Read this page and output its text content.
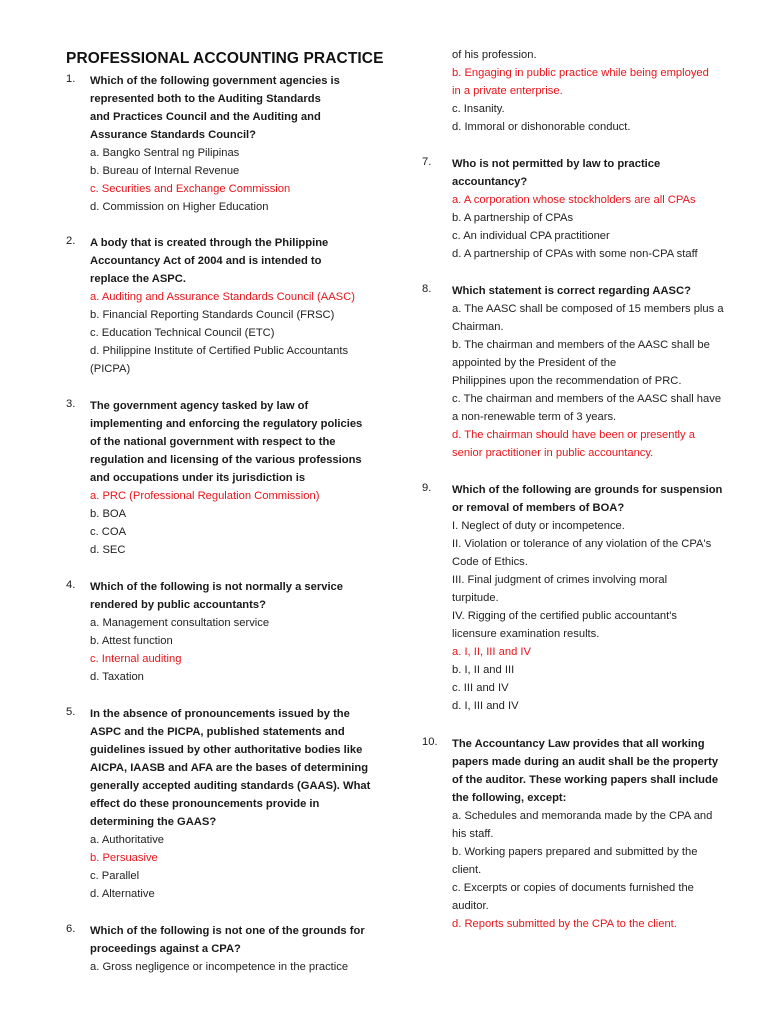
PROFESSIONAL ACCOUNTING PRACTICE
1. Which of the following government agencies is
represented both to the Auditing Standards
and Practices Council and the Auditing and
Assurance Standards Council?
a. Bangko Sentral ng Pilipinas
b. Bureau of Internal Revenue
c. Securities and Exchange Commission
d. Commission on Higher Education
2. A body that is created through the Philippine
Accountancy Act of 2004 and is intended to
replace the ASPC.
a. Auditing and Assurance Standards Council (AASC)
b. Financial Reporting Standards Council (FRSC)
c. Education Technical Council (ETC)
d. Philippine Institute of Certified Public Accountants
(PICPA)
3. The government agency tasked by law of
implementing and enforcing the regulatory policies
of the national government with respect to the
regulation and licensing of the various professions
and occupations under its jurisdiction is
a. PRC (Professional Regulation Commission)
b. BOA
c. COA
d. SEC
4. Which of the following is not normally a service
rendered by public accountants?
a. Management consultation service
b. Attest function
c. Internal auditing
d. Taxation
5. In the absence of pronouncements issued by the
ASPC and the PICPA, published statements and
guidelines issued by other authoritative bodies like
AICPA, IAASB and AFA are the bases of determining
generally accepted auditing standards (GAAS). What
effect do these pronouncements provide in
determining the GAAS?
a. Authoritative
b. Persuasive
c. Parallel
d. Alternative
6. Which of the following is not one of the grounds for
proceedings against a CPA?
a. Gross negligence or incompetence in the practice
of his profession.
b. Engaging in public practice while being employed
in a private enterprise.
c. Insanity.
d. Immoral or dishonorable conduct.
7. Who is not permitted by law to practice
accountancy?
a. A corporation whose stockholders are all CPAs
b. A partnership of CPAs
c. An individual CPA practitioner
d. A partnership of CPAs with some non-CPA staff
8. Which statement is correct regarding AASC?
a. The AASC shall be composed of 15 members plus a
Chairman.
b. The chairman and members of the AASC shall be
appointed by the President of the
Philippines upon the recommendation of PRC.
c. The chairman and members of the AASC shall have
a non-renewable term of 3 years.
d. The chairman should have been or presently a
senior practitioner in public accountancy.
9. Which of the following are grounds for suspension
or removal of members of BOA?
I. Neglect of duty or incompetence.
II. Violation or tolerance of any violation of the CPA's
Code of Ethics.
III. Final judgment of crimes involving moral
turpitude.
IV. Rigging of the certified public accountant's
licensure examination results.
a. I, II, III and IV
b. I, II and III
c. III and IV
d. I, III and IV
10. The Accountancy Law provides that all working
papers made during an audit shall be the property
of the auditor. These working papers shall include
the following, except:
a. Schedules and memoranda made by the CPA and
his staff.
b. Working papers prepared and submitted by the
client.
c. Excerpts or copies of documents furnished the
auditor.
d. Reports submitted by the CPA to the client.
